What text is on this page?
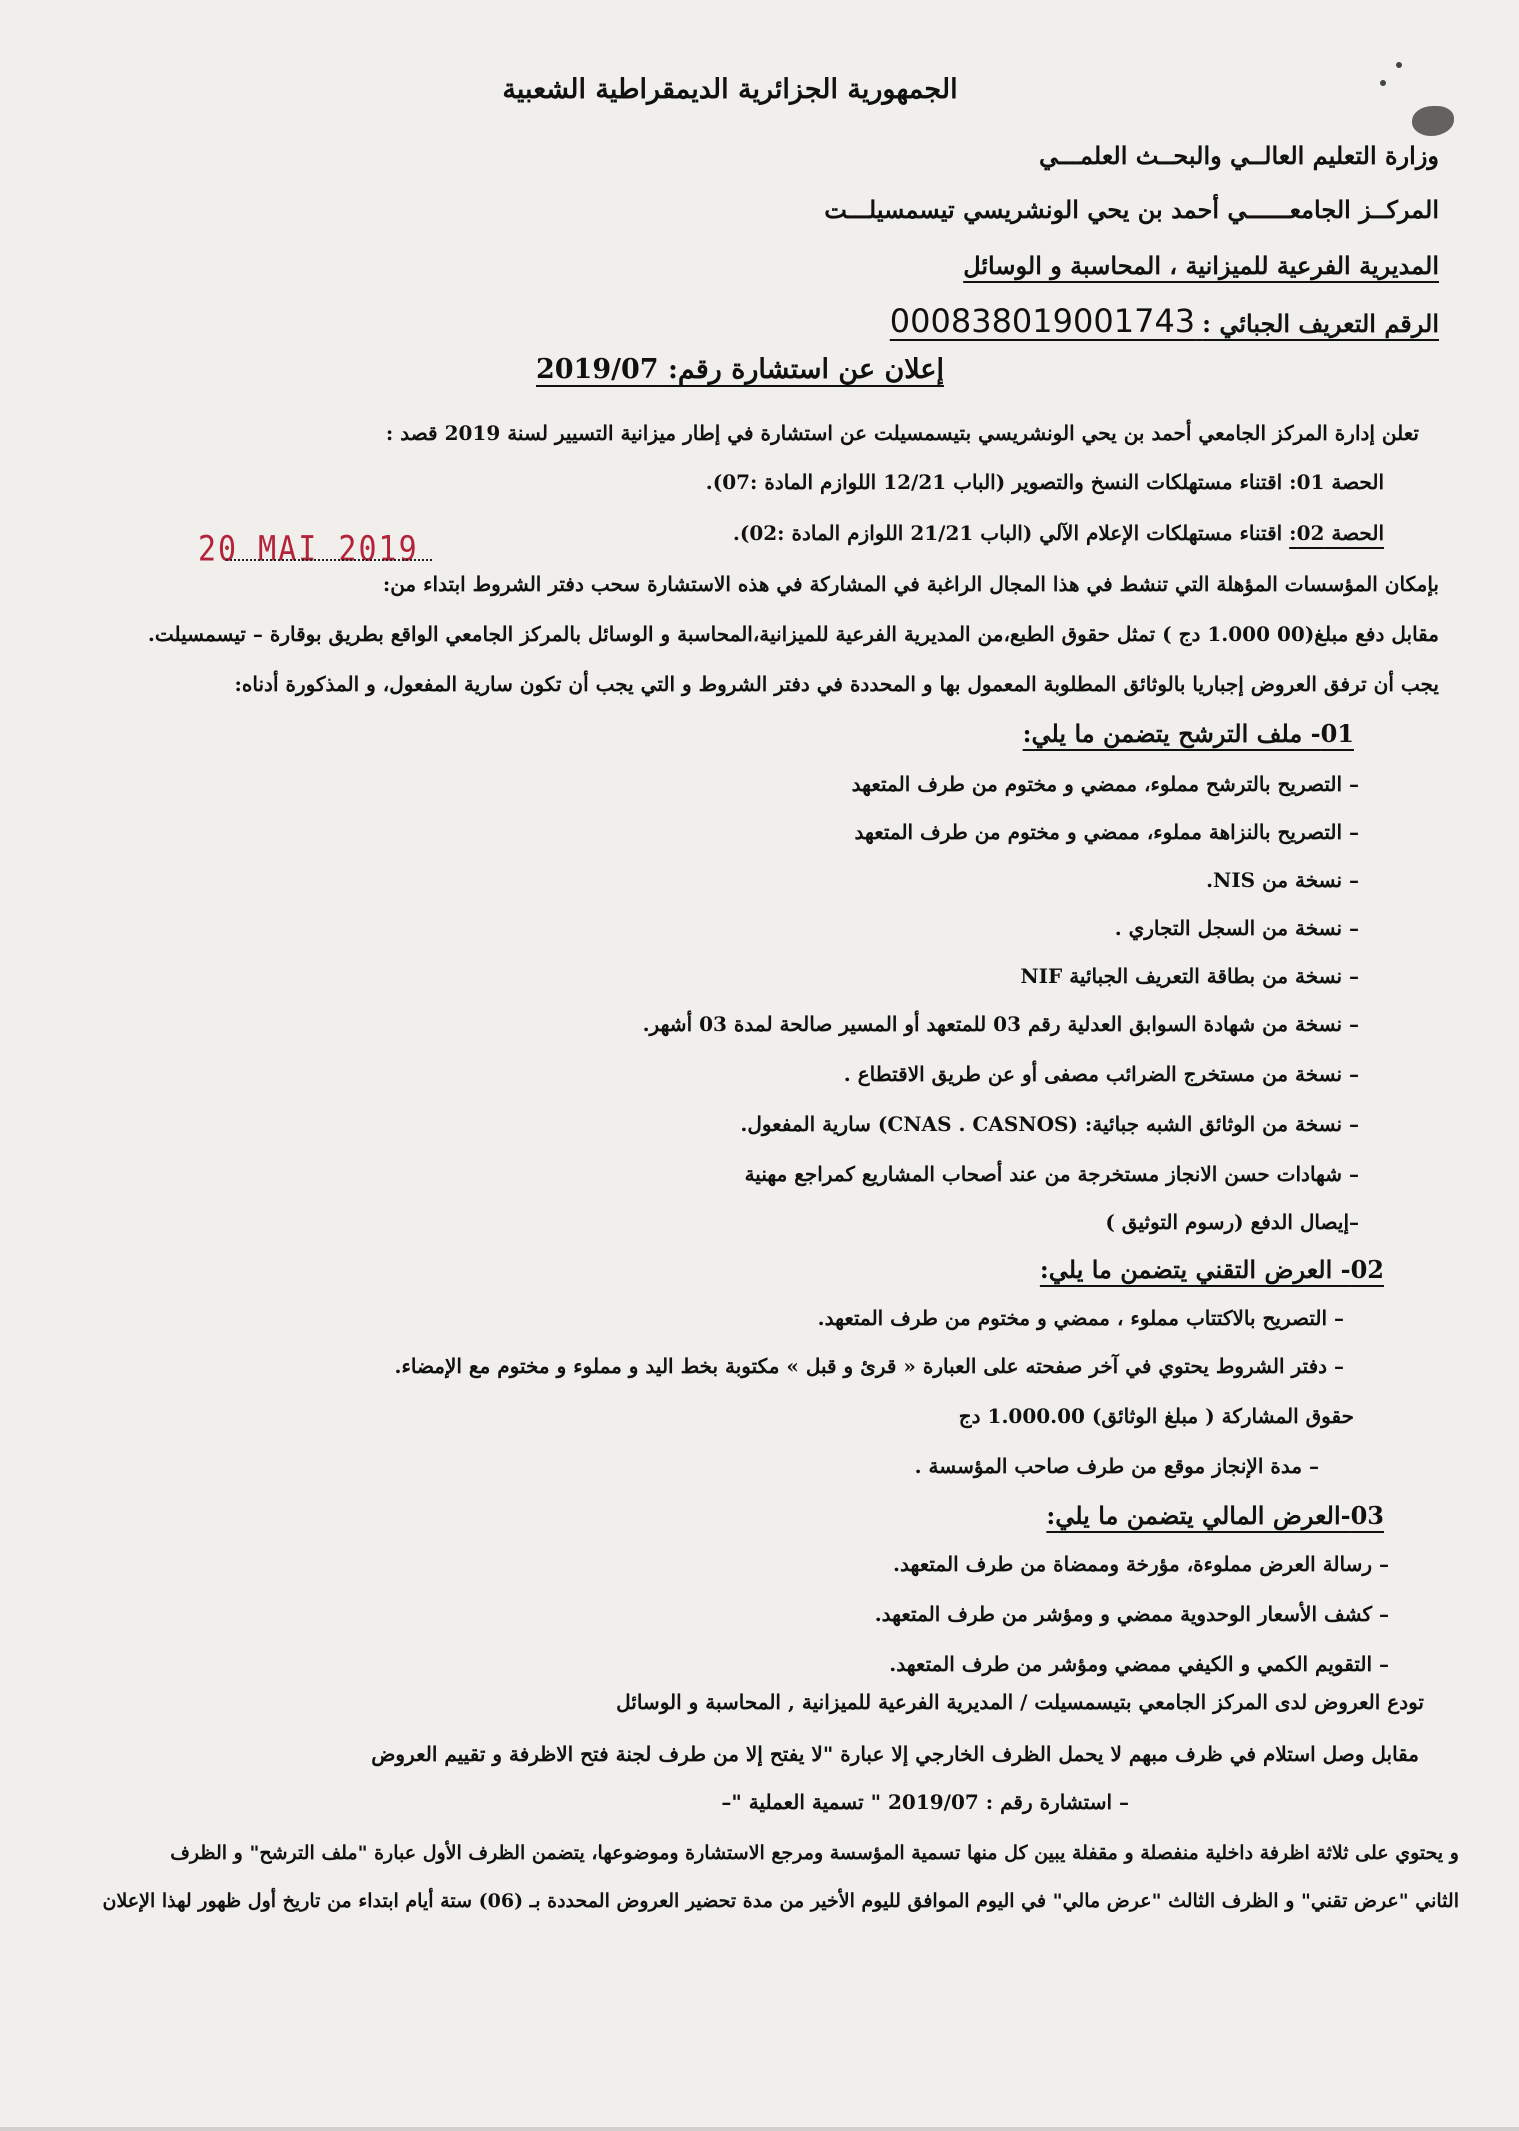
الجمهورية الجزائرية الديمقراطية الشعبية
وزارة التعليم العالــي والبحــث العلمـــي
المركــز الجامعــــــي أحمد بن يحي الونشريسي تيسمسيلـــت
المديرية الفرعية للميزانية ، المحاسبة و الوسائل
الرقم التعريف الجبائي : 000838019001743
إعلان عن استشارة رقم: 2019/07
تعلن إدارة المركز الجامعي أحمد بن يحي الونشريسي بتيسمسيلت عن استشارة في إطار ميزانية التسيير لسنة 2019 قصد :
الحصة 01: اقتناء مستهلكات النسخ والتصوير (الباب 12/21 اللوازم المادة :07).
الحصة 02: اقتناء مستهلكات الإعلام الآلي (الباب 21/21 اللوازم المادة :02).
20 MAI 2019
بإمكان المؤسسات المؤهلة التي تنشط في هذا المجال الراغبة في المشاركة في هذه الاستشارة سحب دفتر الشروط ابتداء من:
مقابل دفع مبلغ(00 1.000 دج ) تمثل حقوق الطبع،من المديرية الفرعية للميزانية،المحاسبة و الوسائل بالمركز الجامعي الواقع بطريق بوقارة – تيسمسيلت.
يجب أن ترفق العروض إجباريا بالوثائق المطلوبة المعمول بها و المحددة في دفتر الشروط و التي يجب أن تكون سارية المفعول، و المذكورة أدناه:
01- ملف الترشح يتضمن ما يلي:
– التصريح بالترشح مملوء، ممضي و مختوم من طرف المتعهد
– التصريح بالنزاهة مملوء، ممضي و مختوم من طرف المتعهد
– نسخة من NIS.
– نسخة من السجل التجاري .
– نسخة من بطاقة التعريف الجبائية NIF
– نسخة من شهادة السوابق العدلية رقم 03 للمتعهد أو المسير صالحة لمدة 03 أشهر.
– نسخة من مستخرج الضرائب مصفى أو عن طريق الاقتطاع .
– نسخة من الوثائق الشبه جبائية: (CNAS . CASNOS) سارية المفعول.
– شهادات حسن الانجاز مستخرجة من عند أصحاب المشاريع كمراجع مهنية
–إيصال الدفع (رسوم التوثيق )
02- العرض التقني يتضمن ما يلي:
– التصريح بالاكتتاب مملوء ، ممضي و مختوم من طرف المتعهد.
– دفتر الشروط يحتوي في آخر صفحته على العبارة « قرئ و قبل » مكتوبة بخط اليد و مملوء و مختوم مع الإمضاء.
حقوق المشاركة ( مبلغ الوثائق) 1.000.00 دج
– مدة الإنجاز موقع من طرف صاحب المؤسسة .
03-العرض المالي يتضمن ما يلي:
– رسالة العرض مملوءة، مؤرخة وممضاة من طرف المتعهد.
– كشف الأسعار الوحدوية ممضي و ومؤشر من طرف المتعهد.
– التقويم الكمي و الكيفي ممضي ومؤشر من طرف المتعهد.
تودع العروض لدى المركز الجامعي بتيسمسيلت / المديرية الفرعية للميزانية , المحاسبة و الوسائل
مقابل وصل استلام في ظرف مبهم لا يحمل الظرف الخارجي إلا عبارة "لا يفتح إلا من طرف لجنة فتح الاظرفة و تقييم العروض
– استشارة رقم : 2019/07 " تسمية العملية "–
و يحتوي على ثلاثة اظرفة داخلية منفصلة و مقفلة يبين كل منها تسمية المؤسسة ومرجع الاستشارة وموضوعها، يتضمن الظرف الأول عبارة "ملف الترشح" و الظرف
الثاني "عرض تقني" و الظرف الثالث "عرض مالي" في اليوم الموافق لليوم الأخير من مدة تحضير العروض المحددة بـ (06) ستة أيام ابتداء من تاريخ أول ظهور لهذا الإعلان
